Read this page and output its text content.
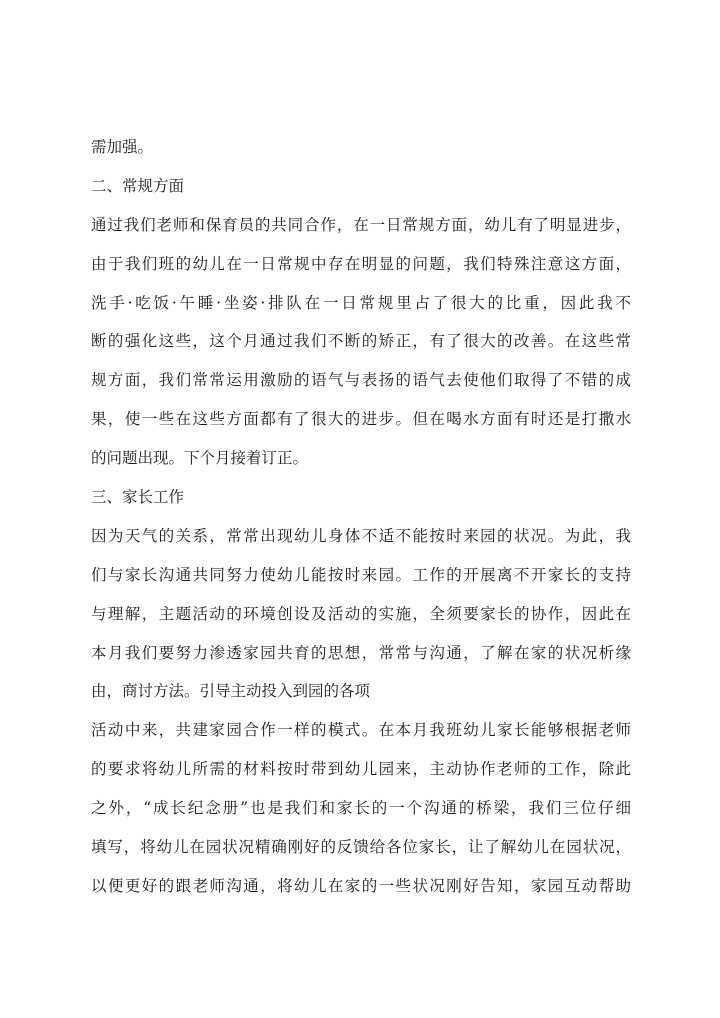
需加强。
二、常规方面
通过我们老师和保育员的共同合作，在一日常规方面，幼儿有了明显进步，
由于我们班的幼儿在一日常规中存在明显的问题，我们特殊注意这方面，
洗手·吃饭·午睡·坐姿·排队在一日常规里占了很大的比重，因此我不
断的强化这些，这个月通过我们不断的矫正，有了很大的改善。在这些常
规方面，我们常常运用激励的语气与表扬的语气去使他们取得了不错的成
果，使一些在这些方面都有了很大的进步。但在喝水方面有时还是打撒水
的问题出现。下个月接着订正。
三、家长工作
因为天气的关系，常常出现幼儿身体不适不能按时来园的状况。为此，我
们与家长沟通共同努力使幼儿能按时来园。工作的开展离不开家长的支持
与理解，主题活动的环境创设及活动的实施，全须要家长的协作，因此在
本月我们要努力渗透家园共育的思想，常常与沟通，了解在家的状况析缘
由，商讨方法。引导主动投入到园的各项
活动中来，共建家园合作一样的模式。在本月我班幼儿家长能够根据老师
的要求将幼儿所需的材料按时带到幼儿园来，主动协作老师的工作，除此
之外，“成长纪念册”也是我们和家长的一个沟通的桥梁，我们三位仔细
填写，将幼儿在园状况精确刚好的反馈给各位家长，让了解幼儿在园状况，
以便更好的跟老师沟通，将幼儿在家的一些状况刚好告知，家园互动帮助
